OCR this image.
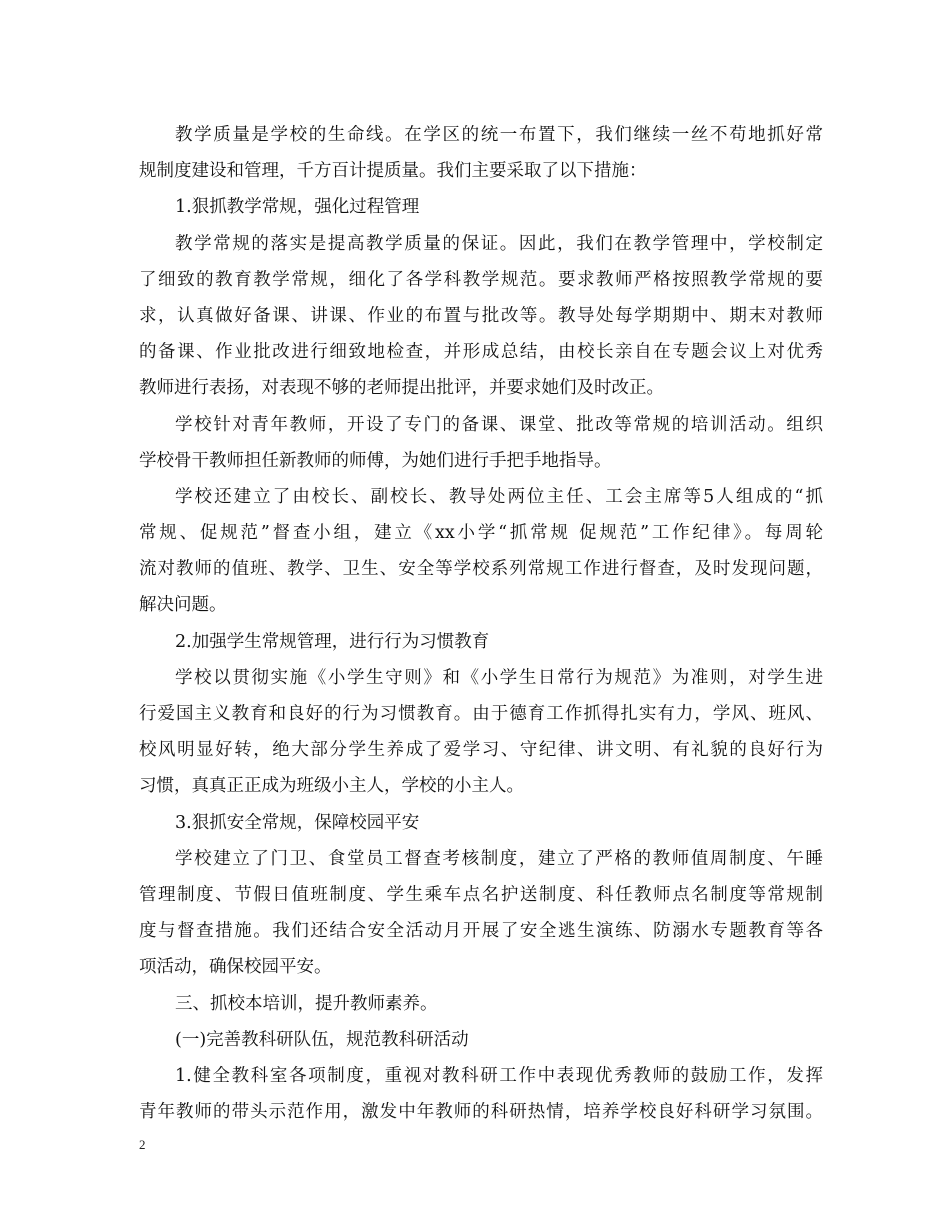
教学质量是学校的生命线。在学区的统一布置下，我们继续一丝不苟地抓好常
规制度建设和管理，千方百计提质量。我们主要采取了以下措施：
1.狠抓教学常规，强化过程管理
教学常规的落实是提高教学质量的保证。因此，我们在教学管理中，学校制定
了细致的教育教学常规，细化了各学科教学规范。要求教师严格按照教学常规的要
求，认真做好备课、讲课、作业的布置与批改等。教导处每学期期中、期末对教师
的备课、作业批改进行细致地检查，并形成总结，由校长亲自在专题会议上对优秀
教师进行表扬，对表现不够的老师提出批评，并要求她们及时改正。
学校针对青年教师，开设了专门的备课、课堂、批改等常规的培训活动。组织
学校骨干教师担任新教师的师傅，为她们进行手把手地指导。
学校还建立了由校长、副校长、教导处两位主任、工会主席等5人组成的“抓
常规、促规范”督查小组，建立《xx小学“抓常规 促规范”工作纪律》。每周轮
流对教师的值班、教学、卫生、安全等学校系列常规工作进行督查，及时发现问题，
解决问题。
2.加强学生常规管理，进行行为习惯教育
学校以贯彻实施《小学生守则》和《小学生日常行为规范》为准则，对学生进
行爱国主义教育和良好的行为习惯教育。由于德育工作抓得扎实有力，学风、班风、
校风明显好转，绝大部分学生养成了爱学习、守纪律、讲文明、有礼貌的良好行为
习惯，真真正正成为班级小主人，学校的小主人。
3.狠抓安全常规，保障校园平安
学校建立了门卫、食堂员工督查考核制度，建立了严格的教师值周制度、午睡
管理制度、节假日值班制度、学生乘车点名护送制度、科任教师点名制度等常规制
度与督查措施。我们还结合安全活动月开展了安全逃生演练、防溺水专题教育等各
项活动，确保校园平安。
三、抓校本培训，提升教师素养。
(一)完善教科研队伍，规范教科研活动
1.健全教科室各项制度，重视对教科研工作中表现优秀教师的鼓励工作，发挥
青年教师的带头示范作用，激发中年教师的科研热情，培养学校良好科研学习氛围。
2
